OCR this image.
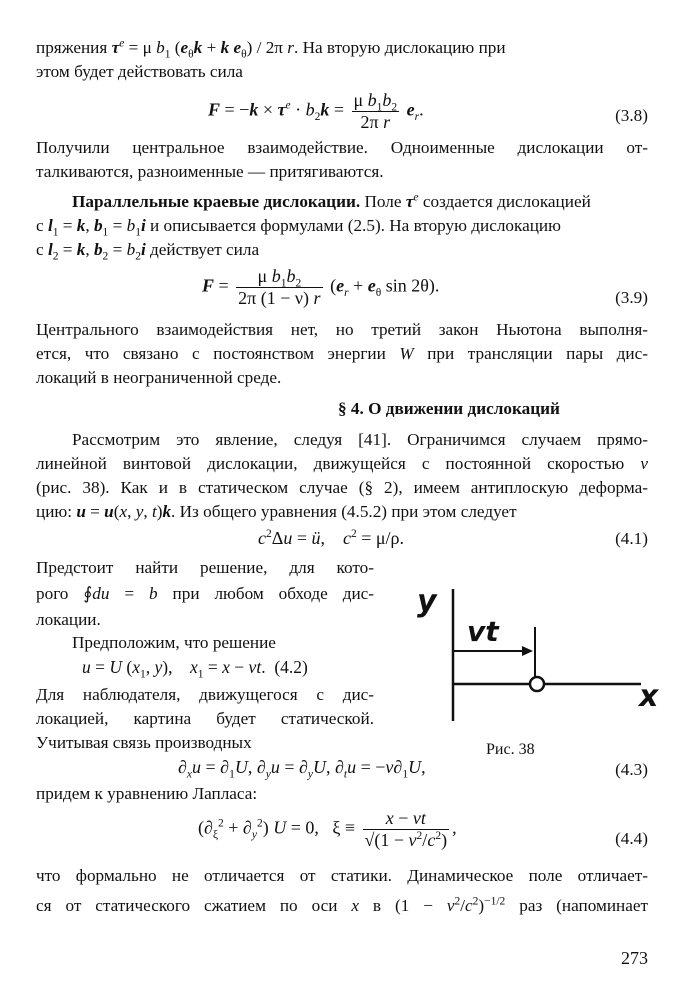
пряжения $\tau^e = \mu$ $b_1$ ($e_\theta k + k$ $e_\theta) / 2\pi$ r. На вторую дислокацию при
этом будет действовать сила
$F = -k \times \tau^e \cdot b_2k = \frac{\mu b_1b_2}{\text{2π r}} e_r$.	(3.8)
Получили центральное взаимодействие. Одноименные дислокации от-
талкиваются, разноименные — притягиваются.
Параллельные краевые дислокации. Поле $\tau^e$ создается дислокацией
с $l_1 = k$, $b_1 = b_1i$ и описывается формулами (2.5). На вторую дислокацию
с $l_2 = k$, $b_2 = b_2i$ действует сила
$F = \frac{\mu b_1b_2}{2\pi (1 - \nu) r} (e_r + e_\theta$ sin 2θ).
(3.9)
Центрального взаимодействия нет, но третий закон Ньютона выполня-
ется, что связано с постоянством энергии W при трансляции пары дис-
локаций в неограниченной среде.
§ 4. О движении дислокаций
Рассмотрим это явление, следуя [41]. Ограничимся случаем прямо-
линейной винтовой дислокации, движущейся с постоянной скоростью v
(рис. 38). Как и в статическом случае (§ 2), имеем антиплоскую деформа-
цию: u = u(x, y, t)k. Из общего уравнения (4.5.2) при этом следует
$c^2\Delta u$ = ü,    $c^2 = \mu/\rho$.	(4.1)
Предстоит найти решение, для кото-
рого ∮du = b при любом обходе дис-
локации.
Предположим, что решение
u = U ($x_1$, y),    $x_1 = x$ − vt.  (4.2)
Для наблюдателя, движущегося с дис-
локацией, картина будет статической.
Учитывая связь производных
y
x
vt
Рис. 38
$\partial_xu = \partial_1U$, $\partial_yu = \partial_yU$, $\partial_tu = -v\partial_1U$,	(4.3)
придем к уравнению Лапласа:
$(\partial_\xi^2 + \partial_y^2) U = 0$,   $\xi \equiv \frac{x - vt}{√(1 - v^2/c^2)}$ ,
(4.4)
что формально не отличается от статики. Динамическое поле отличает-
ся от статического сжатием по оси x в $(1 - v^2/c^2)^{-1/2}$ раз (напоминает
273
